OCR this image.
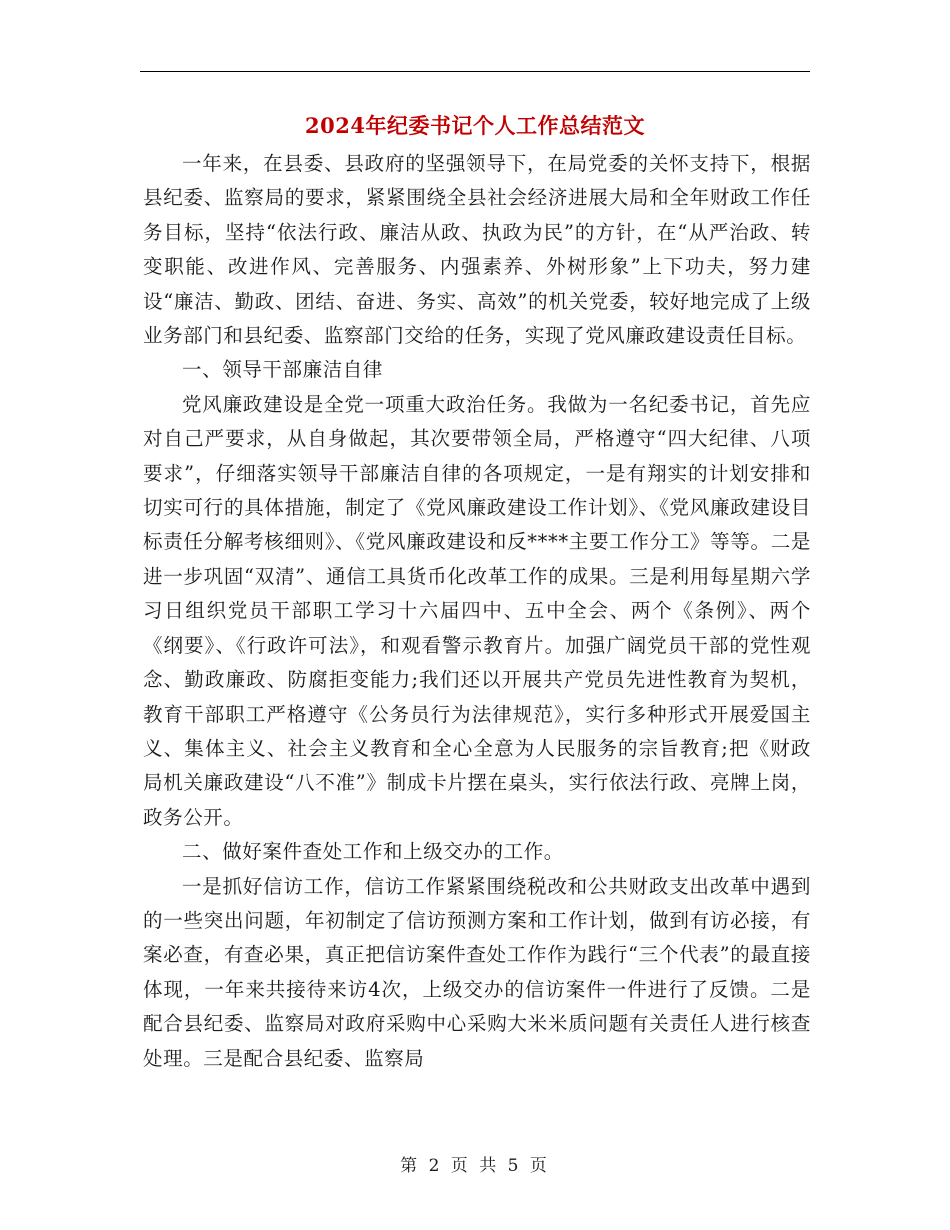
2024年纪委书记个人工作总结范文

一年来，在县委、县政府的坚强领导下，在局党委的关怀支持下，根据县纪委、监察局的要求，紧紧围绕全县社会经济进展大局和全年财政工作任务目标，坚持“依法行政、廉洁从政、执政为民”的方针，在“从严治政、转变职能、改进作风、完善服务、内强素养、外树形象”上下功夫，努力建设“廉洁、勤政、团结、奋进、务实、高效”的机关党委，较好地完成了上级业务部门和县纪委、监察部门交给的任务，实现了党风廉政建设责任目标。

一、领导干部廉洁自律

党风廉政建设是全党一项重大政治任务。我做为一名纪委书记，首先应对自己严要求，从自身做起，其次要带领全局，严格遵守“四大纪律、八项要求”，仔细落实领导干部廉洁自律的各项规定，一是有翔实的计划安排和切实可行的具体措施，制定了《党风廉政建设工作计划》、《党风廉政建设目标责任分解考核细则》、《党风廉政建设和反****主要工作分工》等等。二是进一步巩固“双清”、通信工具货币化改革工作的成果。三是利用每星期六学习日组织党员干部职工学习十六届四中、五中全会、两个《条例》、两个《纲要》、《行政许可法》，和观看警示教育片。加强广阔党员干部的党性观念、勤政廉政、防腐拒变能力;我们还以开展共产党员先进性教育为契机，教育干部职工严格遵守《公务员行为法律规范》，实行多种形式开展爱国主义、集体主义、社会主义教育和全心全意为人民服务的宗旨教育;把《财政局机关廉政建设“八不准”》制成卡片摆在桌头，实行依法行政、亮牌上岗，政务公开。

二、做好案件查处工作和上级交办的工作。

一是抓好信访工作，信访工作紧紧围绕税改和公共财政支出改革中遇到的一些突出问题，年初制定了信访预测方案和工作计划，做到有访必接，有案必查，有查必果，真正把信访案件查处工作作为践行“三个代表”的最直接体现，一年来共接待来访4次，上级交办的信访案件一件进行了反馈。二是配合县纪委、监察局对政府采购中心采购大米米质问题有关责任人进行核查处理。三是配合县纪委、监察局

第 2 页 共 5 页
